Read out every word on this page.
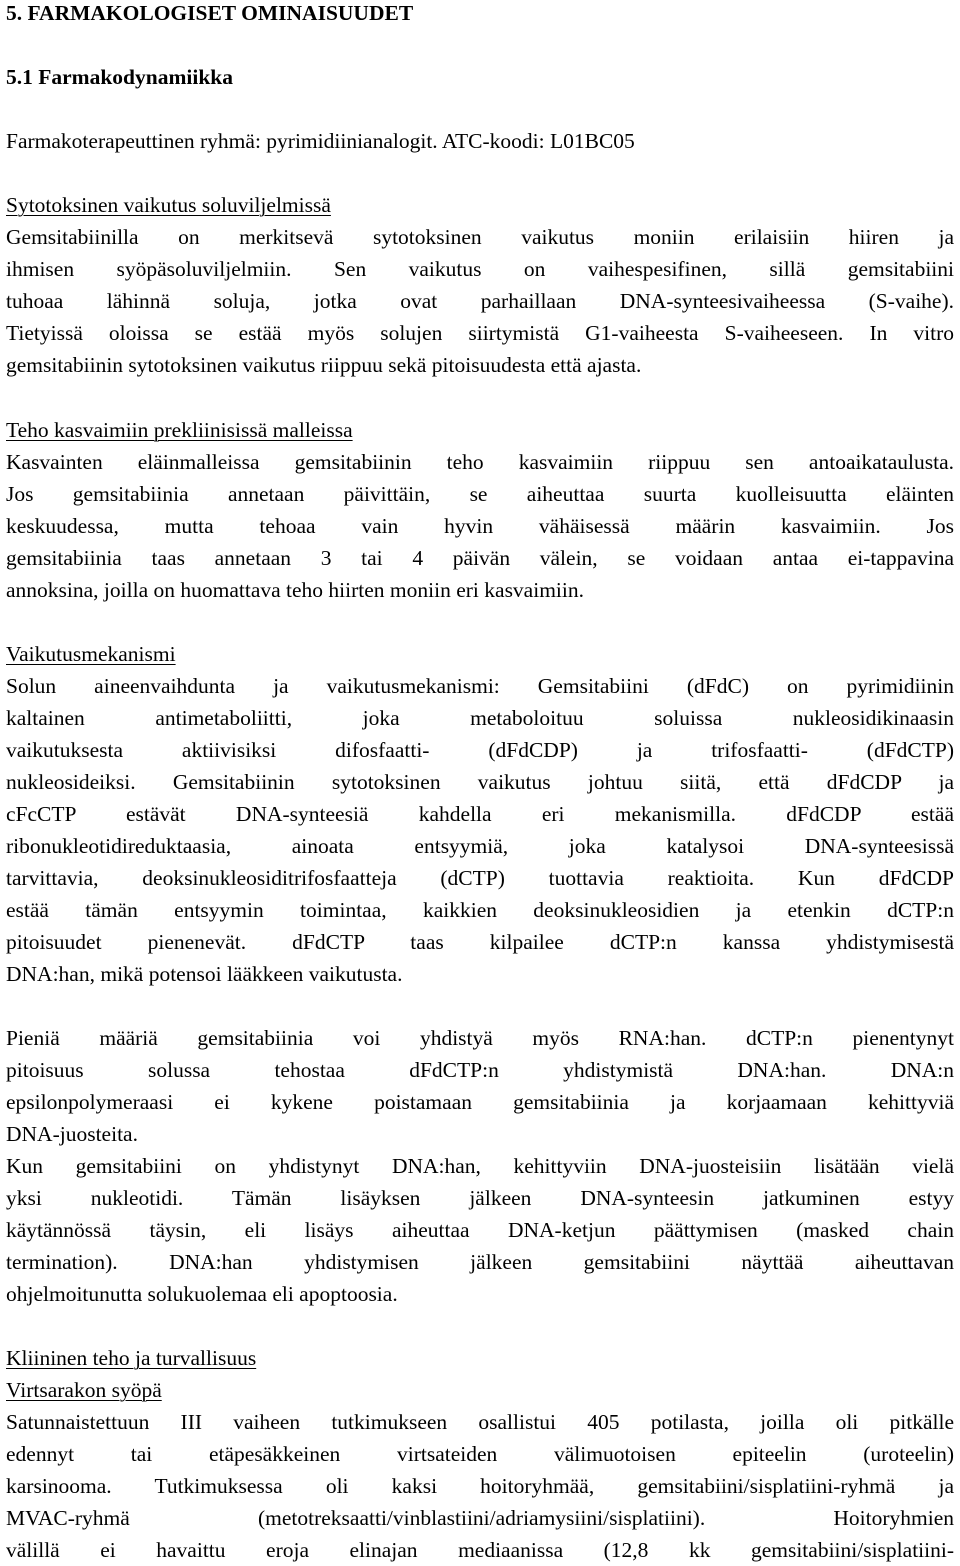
5. FARMAKOLOGISET OMINAISUUDET
5.1 Farmakodynamiikka
Farmakoterapeuttinen ryhmä: pyrimidiinianalogit. ATC-koodi: L01BC05
Sytotoksinen vaikutus soluviljelmissä
Gemsitabiinilla on merkitsevä sytotoksinen vaikutus moniin erilaisiin hiiren ja
ihmisen syöpäsoluviljelmiin. Sen vaikutus on vaihespesifinen, sillä gemsitabiini
tuhoaa lähinnä soluja, jotka ovat parhaillaan DNA-synteesivaiheessa (S-vaihe).
Tietyissä oloissa se estää myös solujen siirtymistä G1-vaiheesta S-vaiheeseen. In vitro
gemsitabiinin sytotoksinen vaikutus riippuu sekä pitoisuudesta että ajasta.
Teho kasvaimiin prekliinisissä malleissa
Kasvainten eläinmalleissa gemsitabiinin teho kasvaimiin riippuu sen antoaikataulusta.
Jos gemsitabiinia annetaan päivittäin, se aiheuttaa suurta kuolleisuutta eläinten
keskuudessa, mutta tehoaa vain hyvin vähäisessä määrin kasvaimiin. Jos
gemsitabiinia taas annetaan 3 tai 4 päivän välein, se voidaan antaa ei-tappavina
annoksina, joilla on huomattava teho hiirten moniin eri kasvaimiin.
Vaikutusmekanismi
Solun aineenvaihdunta ja vaikutusmekanismi: Gemsitabiini (dFdC) on pyrimidiinin
kaltainen antimetaboliitti, joka metaboloituu soluissa nukleosidikinaasin
vaikutuksesta aktiivisiksi difosfaatti- (dFdCDP) ja trifosfaatti- (dFdCTP)
nukleosideiksi. Gemsitabiinin sytotoksinen vaikutus johtuu siitä, että dFdCDP ja
cFcCTP estävät DNA-synteesiä kahdella eri mekanismilla. dFdCDP estää
ribonukleotidireduktaasia, ainoata entsyymiä, joka katalysoi DNA-synteesissä
tarvittavia, deoksinukleosiditrifosfaatteja (dCTP) tuottavia reaktioita. Kun dFdCDP
estää tämän entsyymin toimintaa, kaikkien deoksinukleosidien ja etenkin dCTP:n
pitoisuudet pienenevät. dFdCTP taas kilpailee dCTP:n kanssa yhdistymisestä
DNA:han, mikä potensoi lääkkeen vaikutusta.
Pieniä määriä gemsitabiinia voi yhdistyä myös RNA:han. dCTP:n pienentynyt
pitoisuus solussa tehostaa dFdCTP:n yhdistymistä DNA:han. DNA:n
epsilonpolymeraasi ei kykene poistamaan gemsitabiinia ja korjaamaan kehittyviä
DNA-juosteita.
Kun gemsitabiini on yhdistynyt DNA:han, kehittyviin DNA-juosteisiin lisätään vielä
yksi nukleotidi. Tämän lisäyksen jälkeen DNA-synteesin jatkuminen estyy
käytännössä täysin, eli lisäys aiheuttaa DNA-ketjun päättymisen (masked chain
termination). DNA:han yhdistymisen jälkeen gemsitabiini näyttää aiheuttavan
ohjelmoitunutta solukuolemaa eli apoptoosia.
Kliininen teho ja turvallisuus
Virtsarakon syöpä
Satunnaistettuun III vaiheen tutkimukseen osallistui 405 potilasta, joilla oli pitkälle
edennyt tai etäpesäkkeinen virtsateiden välimuotoisen epiteelin (uroteelin)
karsinooma. Tutkimuksessa oli kaksi hoitoryhmää, gemsitabiini/sisplatiini-ryhmä ja
MVAC-ryhmä (metotreksaatti/vinblastiini/adriamysiini/sisplatiini). Hoitoryhmien
välillä ei havaittu eroja elinajan mediaanissa (12,8 kk gemsitabiini/sisplatiini-
